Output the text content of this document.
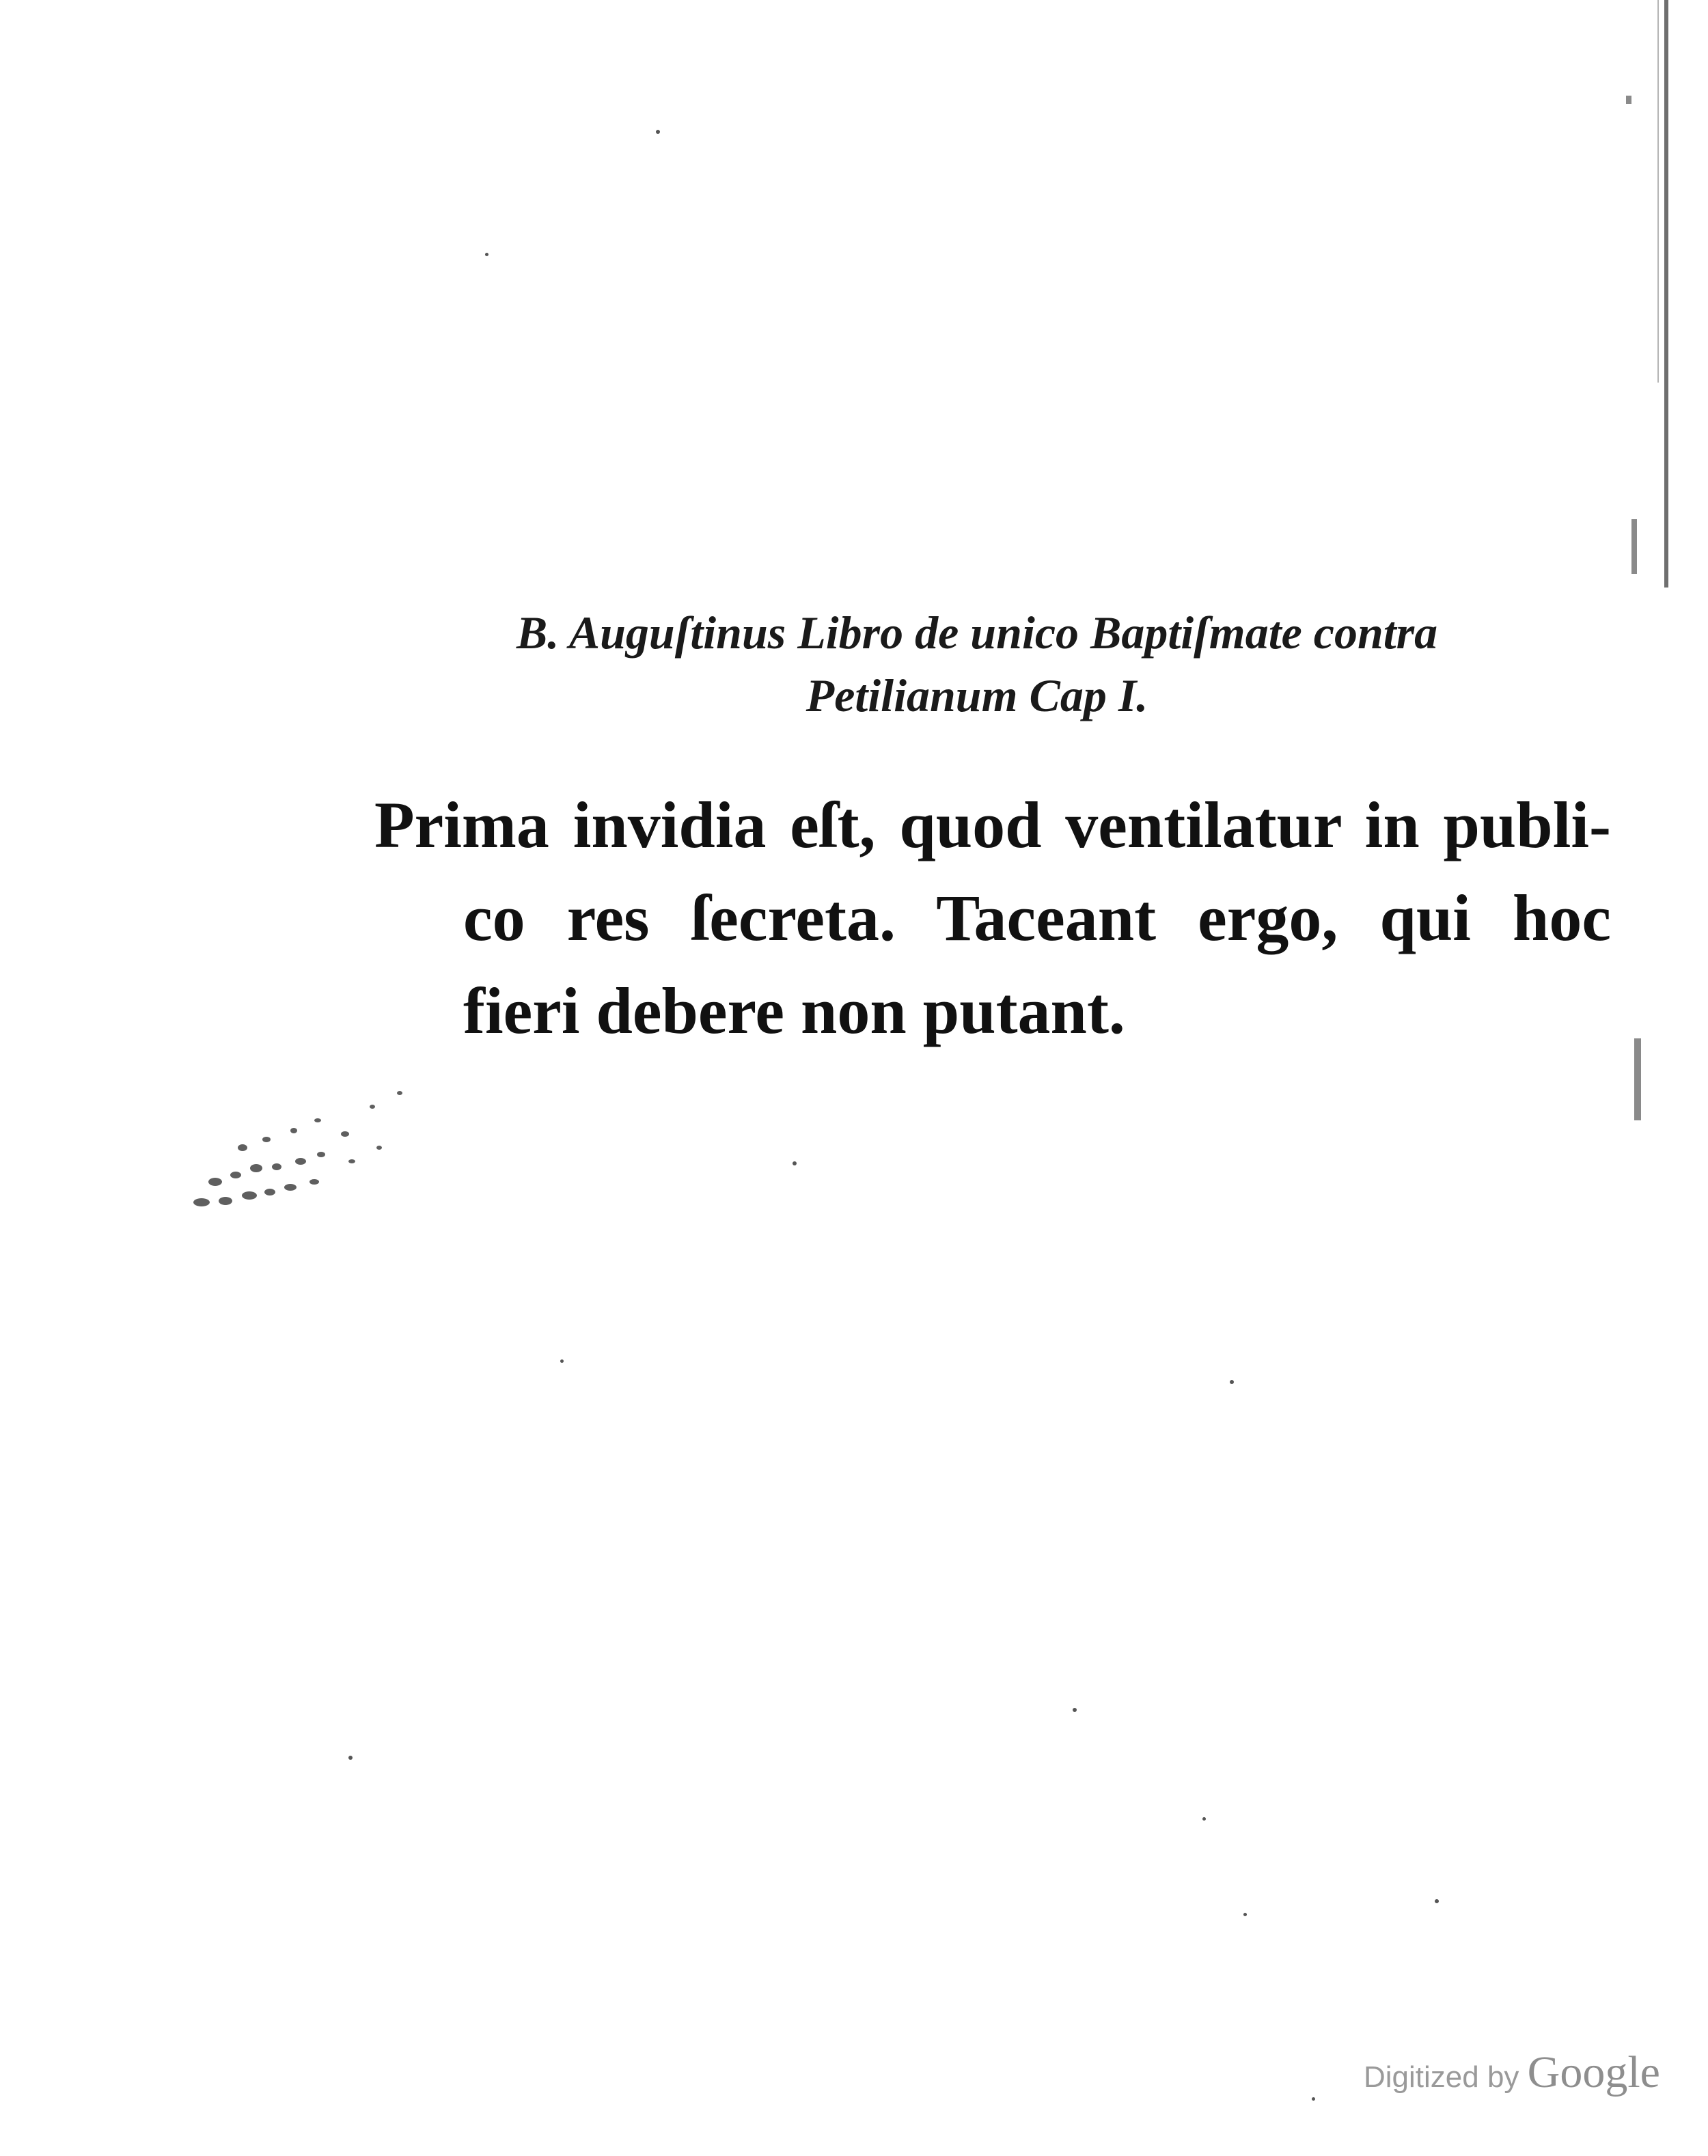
B. Auguſtinus Libro de unico Baptiſmate contra
Petilianum Cap I.
Prima invidia eſt, quod ventilatur in publi-
co res ſecreta. Taceant ergo, qui hoc
fieri debere non putant.
Digitized by Google
